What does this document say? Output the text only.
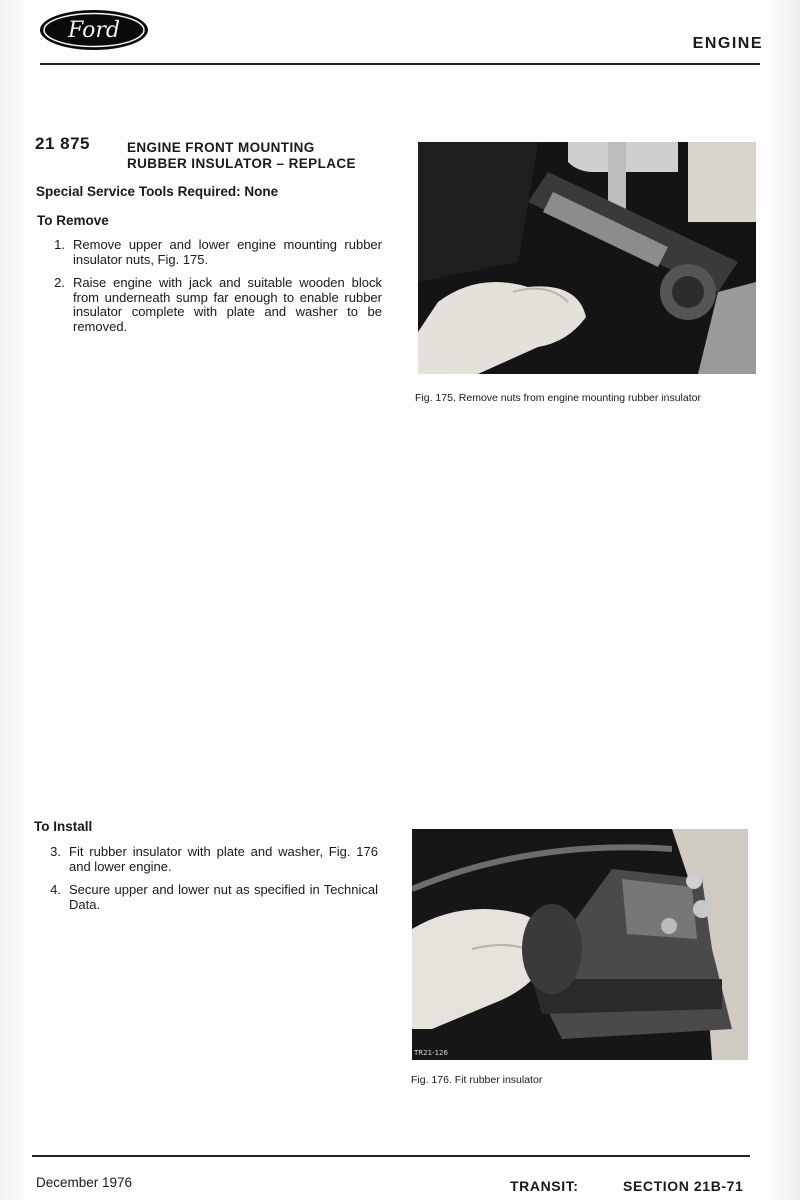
Ford
ENGINE
21 875	ENGINE FRONT MOUNTING
RUBBER INSULATOR – REPLACE
Special Service Tools Required: None
To Remove
1. Remove upper and lower engine mounting rubber insulator nuts, Fig. 175.
2. Raise engine with jack and suitable wooden block from underneath sump far enough to enable rubber insulator complete with plate and washer to be removed.
TR21-150
Fig. 175. Remove nuts from engine mounting rubber insulator
To Install
3. Fit rubber insulator with plate and washer, Fig. 176 and lower engine.
4. Secure upper and lower nut as specified in Technical Data.
TR21-126
Fig. 176. Fit rubber insulator
December 1976	TRANSIT:	SECTION 21B-71
